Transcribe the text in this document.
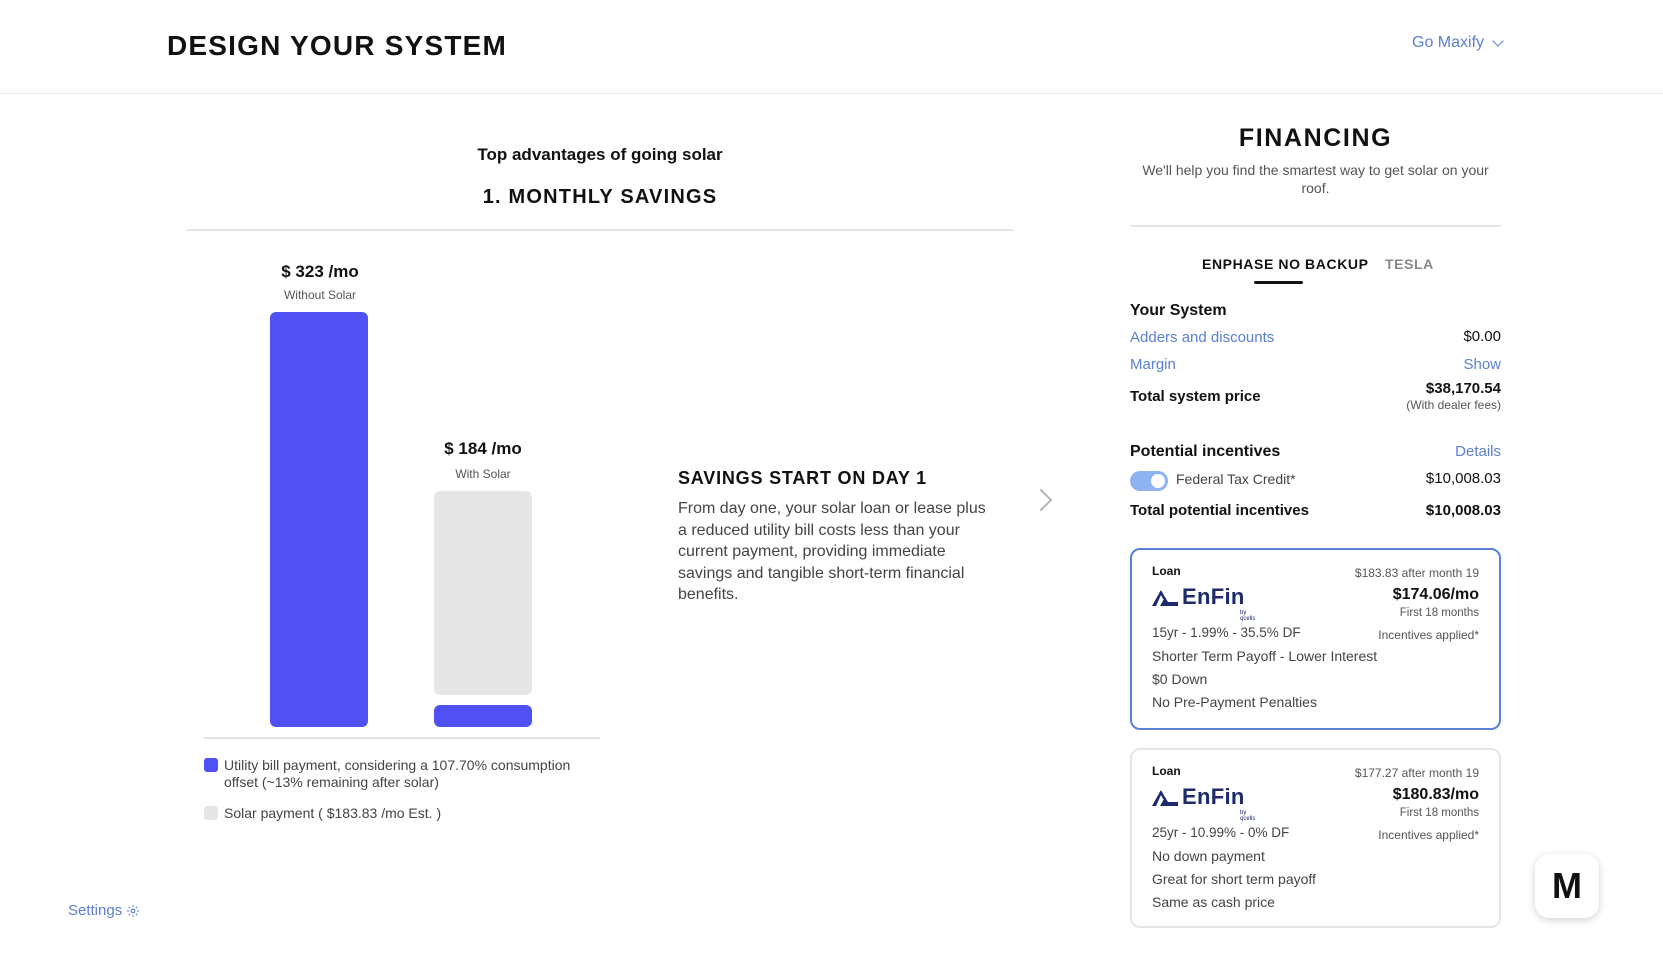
DESIGN YOUR SYSTEM	Go Maxify
Top advantages of going solar
1. MONTHLY SAVINGS
$ 323 /mo
Without Solar
$ 184 /mo
With Solar
Utility bill payment, considering a 107.70% consumption offset (~13% remaining after solar)
Solar payment ( $183.83 /mo Est. )
SAVINGS START ON DAY 1
From day one, your solar loan or lease plus a reduced utility bill costs less than your current payment, providing immediate savings and tangible short-term financial benefits.
Settings
FINANCING
We'll help you find the smartest way to get solar on your roof.
ENPHASE NO BACKUP TESLA
Your System
Adders and discounts	$0.00
Margin	Show
Total system price	$38,170.54
(With dealer fees)
Potential incentives	Details
Federal Tax Credit*	$10,008.03
Total potential incentives	$10,008.03
Loan
EnFin
by qcells
$183.83 after month 19
$174.06/mo
First 18 months
15yr - 1.99% - 35.5% DF	Incentives applied*
Shorter Term Payoff - Lower Interest
$0 Down
No Pre-Payment Penalties
Loan
EnFin
by qcells
$177.27 after month 19
$180.83/mo
First 18 months
25yr - 10.99% - 0% DF	Incentives applied*
No down payment
Great for short term payoff
Same as cash price	M
